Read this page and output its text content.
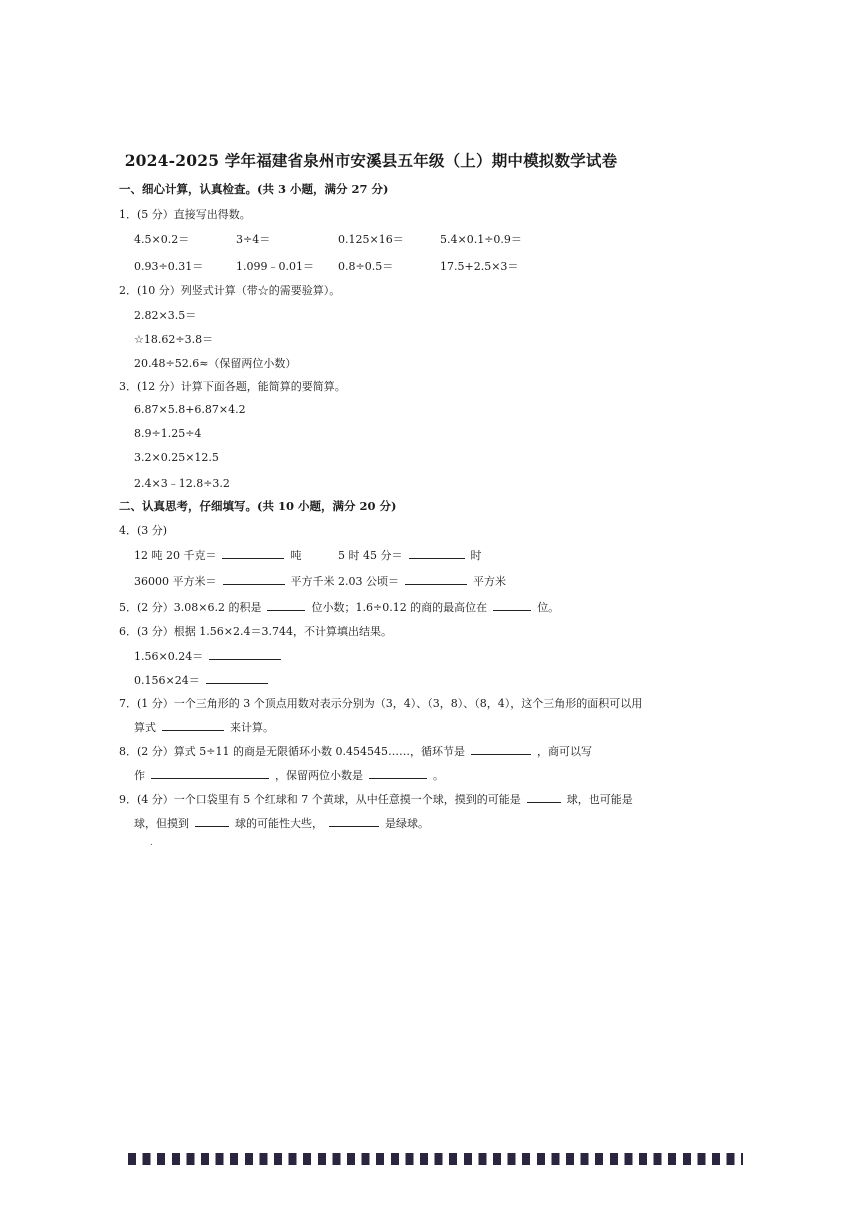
2024-2025 学年福建省泉州市安溪县五年级（上）期中模拟数学试卷
一、细心计算，认真检查。(共 3 小题，满分 27 分)
1．(5 分）直接写出得数。
4.5×0.2＝	3÷4＝	0.125×16＝	5.4×0.1÷0.9＝
0.93÷0.31＝	1.099﹣0.01＝ 0.8÷0.5＝	17.5+2.5×3＝
2．(10 分）列竖式计算（带☆的需要验算）。
2.82×3.5＝
☆18.62÷3.8＝
20.48÷52.6≈（保留两位小数）
3．(12 分）计算下面各题，能简算的要简算。
6.87×5.8+6.87×4.2
8.9÷1.25÷4
3.2×0.25×12.5
2.4×3﹣12.8÷3.2
二、认真思考，仔细填写。(共 10 小题，满分 20 分)
4．(3 分)
12 吨 20 千克＝	吨	5 时 45 分＝	时
36000 平方米＝	平方千米 2.03 公顷＝	平方米
5．(2 分）3.08×6.2 的积是	位小数；1.6÷0.12 的商的最高位在	位。
6．(3 分）根据 1.56×2.4＝3.744，不计算填出结果。
1.56×0.24＝
0.156×24＝
7．(1 分）一个三角形的 3 个顶点用数对表示分别为（3，4）、（3，8）、（8，4），这个三角形的面积可以用
算式	来计算。
8．(2 分）算式 5÷11 的商是无限循环小数 0.454545……，循环节是	，商可以写
作	，保留两位小数是	。
9．(4 分）一个口袋里有 5 个红球和 7 个黄球，从中任意摸一个球，摸到的可能是	球，也可能是
球，但摸到	球的可能性大些，	是绿球。
.
